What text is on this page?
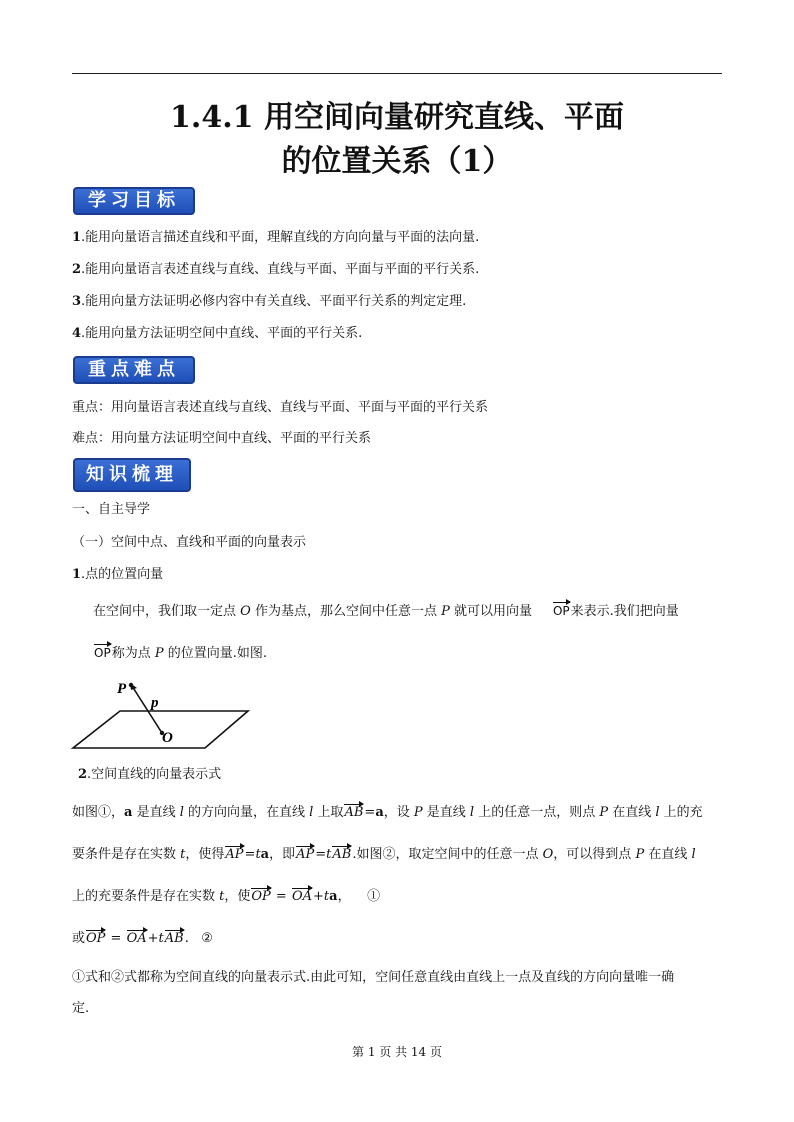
1.4.1 用空间向量研究直线、平面
的位置关系（1）
学习目标
1.能用向量语言描述直线和平面，理解直线的方向向量与平面的法向量.
2.能用向量语言表述直线与直线、直线与平面、平面与平面的平行关系.
3.能用向量方法证明必修内容中有关直线、平面平行关系的判定定理.
4.能用向量方法证明空间中直线、平面的平行关系.
重点难点
重点：用向量语言表述直线与直线、直线与平面、平面与平面的平行关系
难点：用向量方法证明空间中直线、平面的平行关系
知识梳理
一、自主导学
（一）空间中点、直线和平面的向量表示
1.点的位置向量
在空间中，我们取一定点 O 作为基点，那么空间中任意一点 P 就可以用向量 OP来表示.我们把向量
OP称为点 P 的位置向量.如图.
P
p
O
2.空间直线的向量表示式
如图①，a 是直线 l 的方向向量，在直线 l 上取AB=a，设 P 是直线 l 上的任意一点，则点 P 在直线 l 上的充
要条件是存在实数 t，使得AP=ta，即AP=tAB.如图②，取定空间中的任意一点 O，可以得到点 P 在直线 l
上的充要条件是存在实数 t，使OP = OA+ta，    ①
或OP = OA+tAB.   ②
①式和②式都称为空间直线的向量表示式.由此可知，空间任意直线由直线上一点及直线的方向向量唯一确
定.
第 1 页 共 14 页
